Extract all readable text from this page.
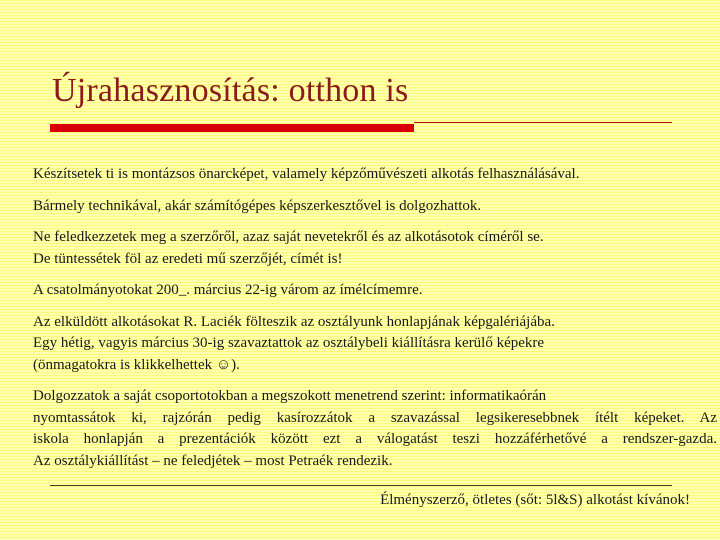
Újrahasznosítás: otthon is

Készítsetek ti is montázsos önarcképet, valamely képzőművészeti alkotás felhasználásával.

Bármely technikával, akár számítógépes képszerkesztővel is dolgozhattok.

Ne feledkezzetek meg a szerzőről, azaz saját nevetekről és az alkotásotok címéről se.
De tüntessétek föl az eredeti mű szerzőjét, címét is!

A csatolmányotokat 200_. március 22-ig várom az ímélcímemre.

Az elküldött alkotásokat R. Laciék fölteszik az osztályunk honlapjának képgalériájába.
Egy hétig, vagyis március 30-ig szavaztattok az osztálybeli kiállításra kerülő képekre
(önmagatokra is klikkelhettek ☺).

Dolgozzatok a saját csoportotokban a megszokott menetrend szerint: informatikaórán
nyomtassátok ki, rajzórán pedig kasírozzátok a szavazással legsikeresebbnek ítélt képeket. Az
iskola honlapján a prezentációk között ezt a válogatást teszi hozzáférhetővé a rendszer-gazda.
Az osztálykiállítást – ne feledjétek – most Petraék rendezik.

Élményszerző, ötletes (sőt: 5l&S) alkotást kívánok!
